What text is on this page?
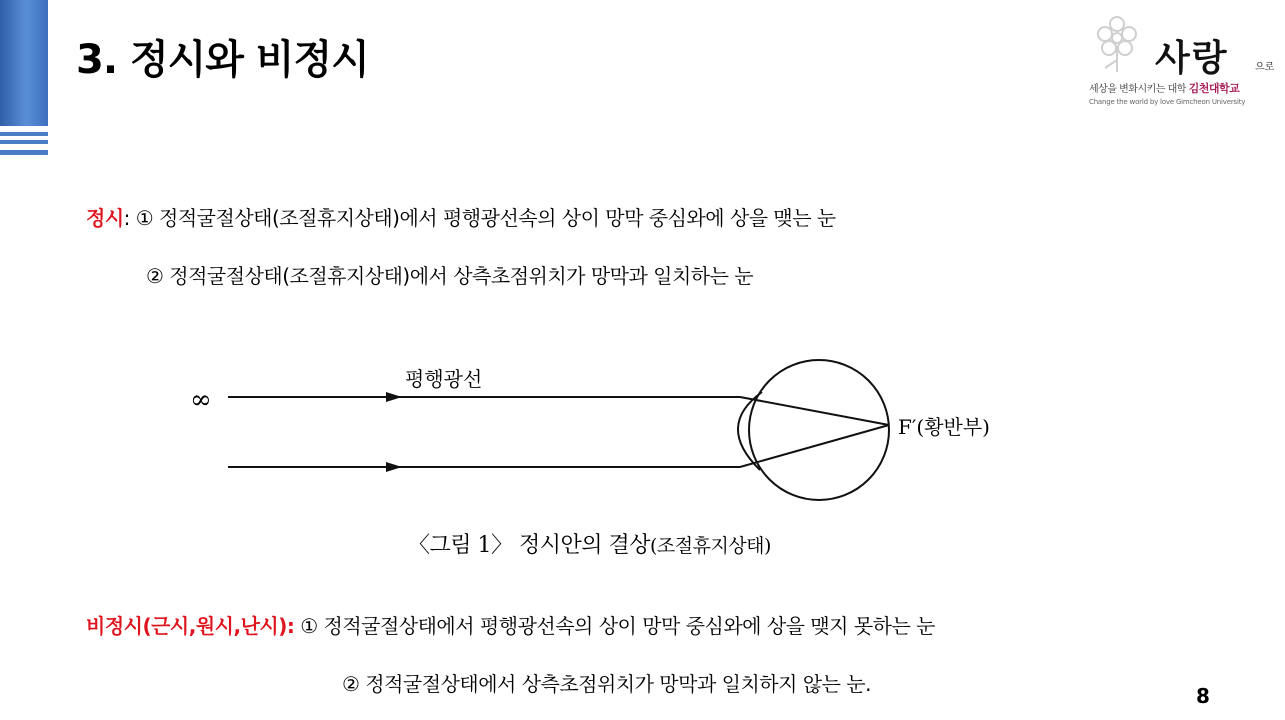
3. 정시와 비정시	사랑	으로
세상을 변화시키는 대학 김천대학교
Change the world by love Gimcheon University
정시: ① 정적굴절상태(조절휴지상태)에서 평행광선속의 상이 망막 중심와에 상을 맺는 눈
② 정적굴절상태(조절휴지상태)에서 상측초점위치가 망막과 일치하는 눈
∞
평행광선
F′(황반부)
〈그림 1〉 정시안의 결상(조절휴지상태)
비정시(근시,원시,난시): ① 정적굴절상태에서 평행광선속의 상이 망막 중심와에 상을 맺지 못하는 눈
② 정적굴절상태에서 상측초점위치가 망막과 일치하지 않는 눈.	8
